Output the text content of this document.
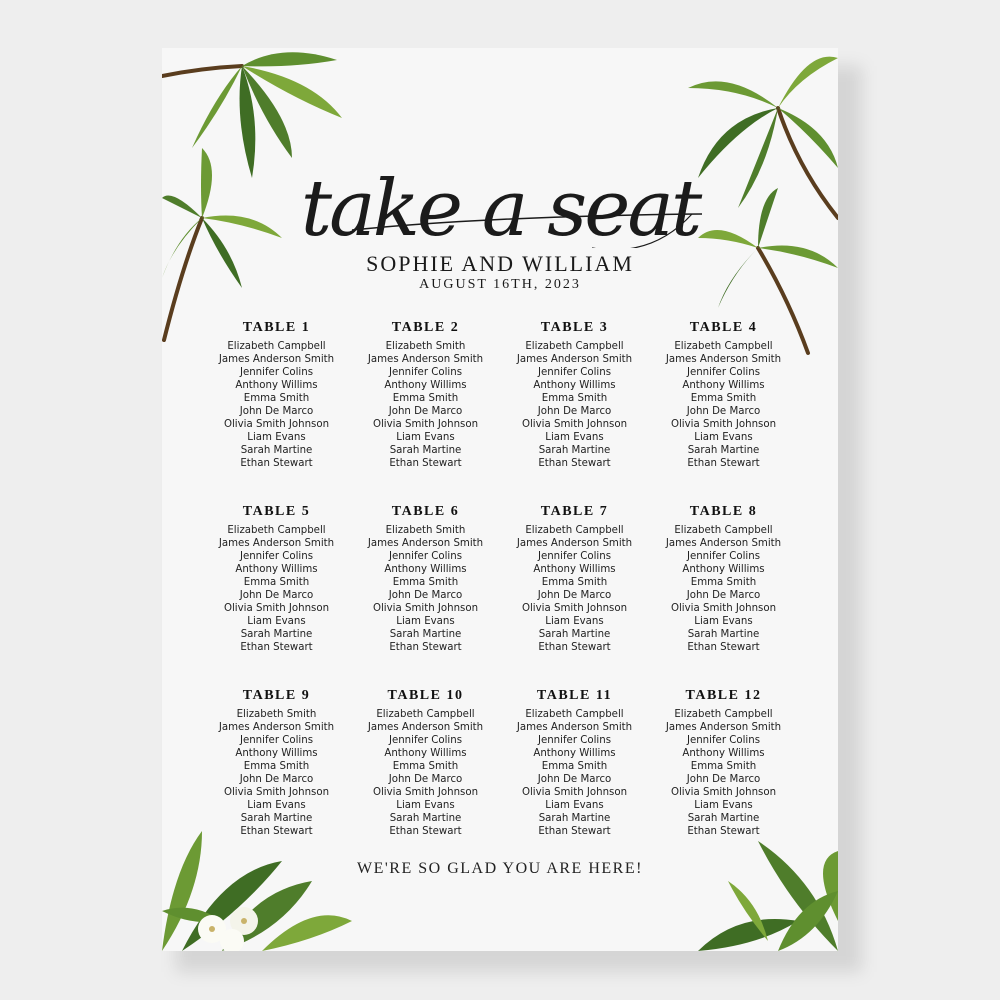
take a seat
SOPHIE AND WILLIAM
AUGUST 16TH, 2023
TABLE 1
Elizabeth Campbell
James Anderson Smith
Jennifer Colins
Anthony Willims
Emma Smith
John De Marco
Olivia Smith Johnson
Liam Evans
Sarah Martine
Ethan Stewart
TABLE 2
Elizabeth Smith
James Anderson Smith
Jennifer Colins
Anthony Willims
Emma Smith
John De Marco
Olivia Smith Johnson
Liam Evans
Sarah Martine
Ethan Stewart
TABLE 3
Elizabeth Campbell
James Anderson Smith
Jennifer Colins
Anthony Willims
Emma Smith
John De Marco
Olivia Smith Johnson
Liam Evans
Sarah Martine
Ethan Stewart
TABLE 4
Elizabeth Campbell
James Anderson Smith
Jennifer Colins
Anthony Willims
Emma Smith
John De Marco
Olivia Smith Johnson
Liam Evans
Sarah Martine
Ethan Stewart
TABLE 5
Elizabeth Campbell
James Anderson Smith
Jennifer Colins
Anthony Willims
Emma Smith
John De Marco
Olivia Smith Johnson
Liam Evans
Sarah Martine
Ethan Stewart
TABLE 6
Elizabeth Smith
James Anderson Smith
Jennifer Colins
Anthony Willims
Emma Smith
John De Marco
Olivia Smith Johnson
Liam Evans
Sarah Martine
Ethan Stewart
TABLE 7
Elizabeth Campbell
James Anderson Smith
Jennifer Colins
Anthony Willims
Emma Smith
John De Marco
Olivia Smith Johnson
Liam Evans
Sarah Martine
Ethan Stewart
TABLE 8
Elizabeth Campbell
James Anderson Smith
Jennifer Colins
Anthony Willims
Emma Smith
John De Marco
Olivia Smith Johnson
Liam Evans
Sarah Martine
Ethan Stewart
TABLE 9
Elizabeth Smith
James Anderson Smith
Jennifer Colins
Anthony Willims
Emma Smith
John De Marco
Olivia Smith Johnson
Liam Evans
Sarah Martine
Ethan Stewart
TABLE 10
Elizabeth Campbell
James Anderson Smith
Jennifer Colins
Anthony Willims
Emma Smith
John De Marco
Olivia Smith Johnson
Liam Evans
Sarah Martine
Ethan Stewart
TABLE 11
Elizabeth Campbell
James Anderson Smith
Jennifer Colins
Anthony Willims
Emma Smith
John De Marco
Olivia Smith Johnson
Liam Evans
Sarah Martine
Ethan Stewart
TABLE 12
Elizabeth Campbell
James Anderson Smith
Jennifer Colins
Anthony Willims
Emma Smith
John De Marco
Olivia Smith Johnson
Liam Evans
Sarah Martine
Ethan Stewart
WE'RE SO GLAD YOU ARE HERE!
